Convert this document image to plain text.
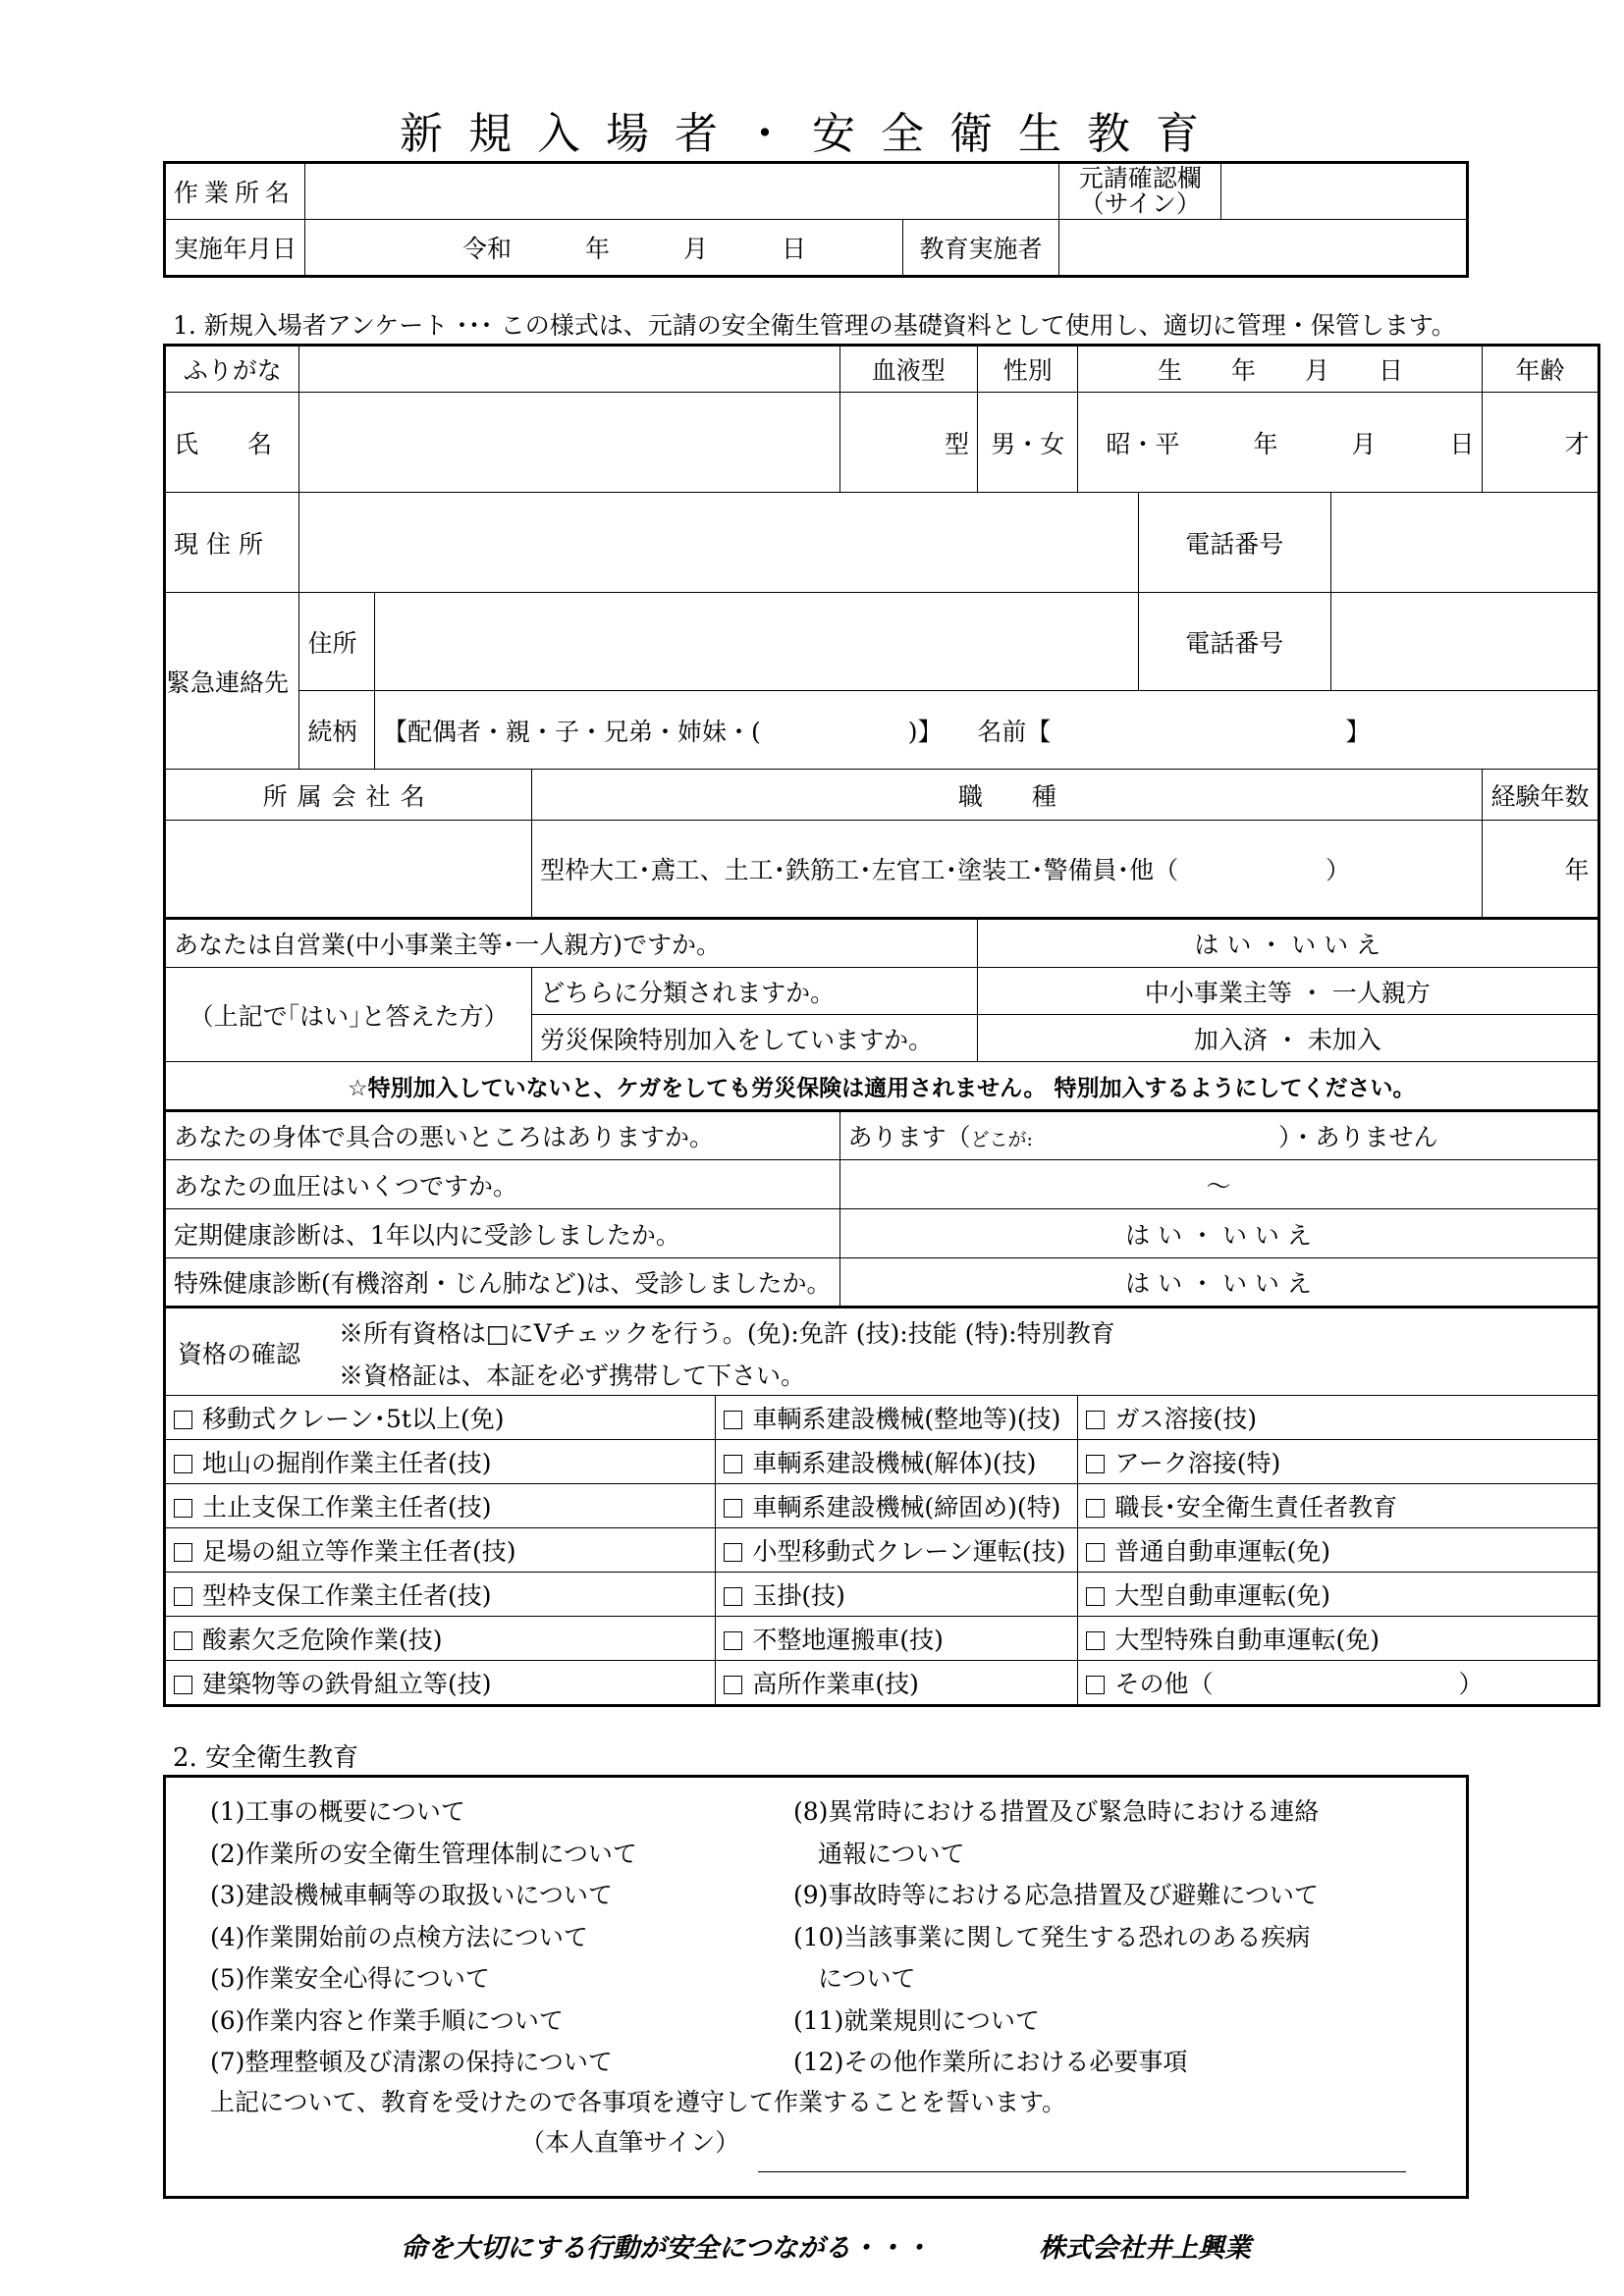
新規入場者・安全衛生教育
作業所名			元請確認欄
（サイン）	

実施年月日	令和　　　年　　　月　　　日	教育実施者		
1. 新規入場者アンケート ･･･ この様式は、元請の安全衛生管理の基礎資料として使用し、適切に管理・保管します。
ふりがな					血液型	性別	生　　年　　月　　日			年齢
氏　　名					型	男・女	昭・平　　　年　　　月　　　日			才
現住所								電話番号		
緊急連絡先	住所							電話番号		
	続柄	【配偶者・親・子・兄弟・姉妹・(　　　　　　)】 名前【　　　　　　　　　　　　】								
所属会社名			職　　種							経験年数
			型枠大工･鳶工、土工･鉄筋工･左官工･塗装工･警備員･他（　　　　　　）							年
あなたは自営業(中小事業主等･一人親方)ですか。						は い ・ い い え				
（上記で｢はい｣と答えた方）			どちらに分類されますか。			中小事業主等 ・ 一人親方				
			労災保険特別加入をしていますか。			加入済 ・ 未加入				
☆特別加入していないと、ケガをしても労災保険は適用されません。 特別加入するようにしてください。										
あなたの身体で具合の悪いところはありますか。					あります（どこが: ）・ありません					
あなたの血圧はいくつですか。					～					
定期健康診断は、1年以内に受診しましたか。					は い ・ い い え					
特殊健康診断(有機溶剤・じん肺など)は、受診しましたか。					は い ・ い い え					

資格の確認
※所有資格は□にVチェックを行う。(免):免許 (技):技能 (特):特別教育
※資格証は、本証を必ず携帯して下さい。										

移動式クレーン･5t以上(免)				車輌系建設機械(整地等)(技)			ガス溶接(技)			
地山の掘削作業主任者(技)				車輌系建設機械(解体)(技)			アーク溶接(特)			
土止支保工作業主任者(技)				車輌系建設機械(締固め)(特)			職長･安全衛生責任者教育			
足場の組立等作業主任者(技)				小型移動式クレーン運転(技)			普通自動車運転(免)			
型枠支保工作業主任者(技)				玉掛(技)			大型自動車運転(免)			
酸素欠乏危険作業(技)				不整地運搬車(技)			大型特殊自動車運転(免)			
建築物等の鉄骨組立等(技)				高所作業車(技)			その他（　　　　　　　　　　）			
2. 安全衛生教育
(1)工事の概要について
(2)作業所の安全衛生管理体制について
(3)建設機械車輌等の取扱いについて
(4)作業開始前の点検方法について
(5)作業安全心得について
(6)作業内容と作業手順について
(7)整理整頓及び清潔の保持について
(8)異常時における措置及び緊急時における連絡
　通報について
(9)事故時等における応急措置及び避難について
(10)当該事業に関して発生する恐れのある疾病
　について
(11)就業規則について
(12)その他作業所における必要事項
上記について、教育を受けたので各事項を遵守して作業することを誓います。
（本人直筆サイン）
命を大切にする行動が安全につながる・・・	株式会社井上興業
